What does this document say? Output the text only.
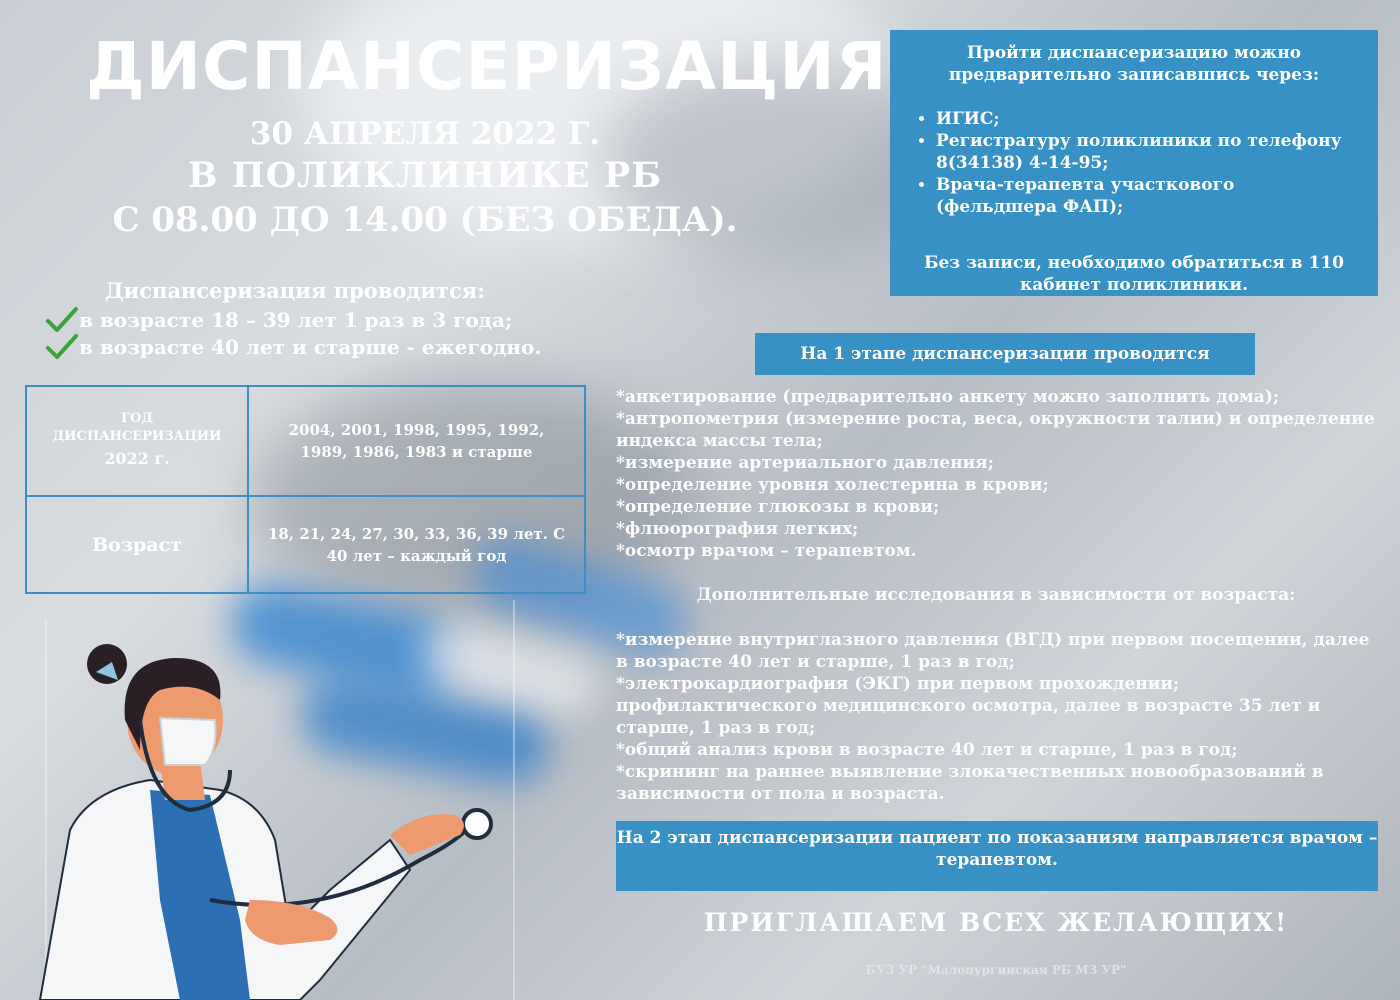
ДИСПАНСЕРИЗАЦИЯ
30 АПРЕЛЯ 2022 Г.
В ПОЛИКЛИНИКЕ РБ
С 08.00 ДО 14.00 (БЕЗ ОБЕДА).
Диспансеризация проводится:
в возрасте 18 – 39 лет 1 раз в 3 года;
в возрасте 40 лет и старше - ежегодно.
ГОД
ДИСПАНСЕРИЗАЦИИ
2022 г.
2004, 2001, 1998, 1995, 1992, 1989, 1986, 1983 и старше
Возраст	18, 21, 24, 27, 30, 33, 36, 39 лет. С 40 лет – каждый год
Пройти диспансеризацию можно предварительно записавшись через:
• ИГИС;
• Регистратуру поликлиники по телефону 8(34138) 4-14-95;
• Врача-терапевта участкового (фельдшера ФАП);
Без записи, необходимо обратиться в 110 кабинет поликлиники.
На 1 этапе диспансеризации проводится

*анкетирование (предварительно анкету можно заполнить дома);

*антропометрия (измерение роста, веса, окружности талии) и определение индекса массы тела;

*измерение артериального давления;

*определение уровня холестерина в крови;

*определение глюкозы в крови;

*флюорография легких;

*осмотр врачом – терапевтом.

Дополнительные исследования в зависимости от возраста:

*измерение внутриглазного давления (ВГД) при первом посещении, далее в возрасте 40 лет и старше, 1 раз в год;

*электрокардиография (ЭКГ) при первом прохождении; профилактического медицинского осмотра, далее в возрасте 35 лет и старше, 1 раз в год;

*общий анализ крови в возрасте 40 лет и старше, 1 раз в год;

*скрининг на раннее выявление злокачественных новообразований в зависимости от пола и возраста.

На 2 этап диспансеризации пациент по показаниям направляется врачом – терапевтом.
ПРИГЛАШАЕМ ВСЕХ ЖЕЛАЮЩИХ!
БУЗ УР "Малопургинская РБ МЗ УР"
